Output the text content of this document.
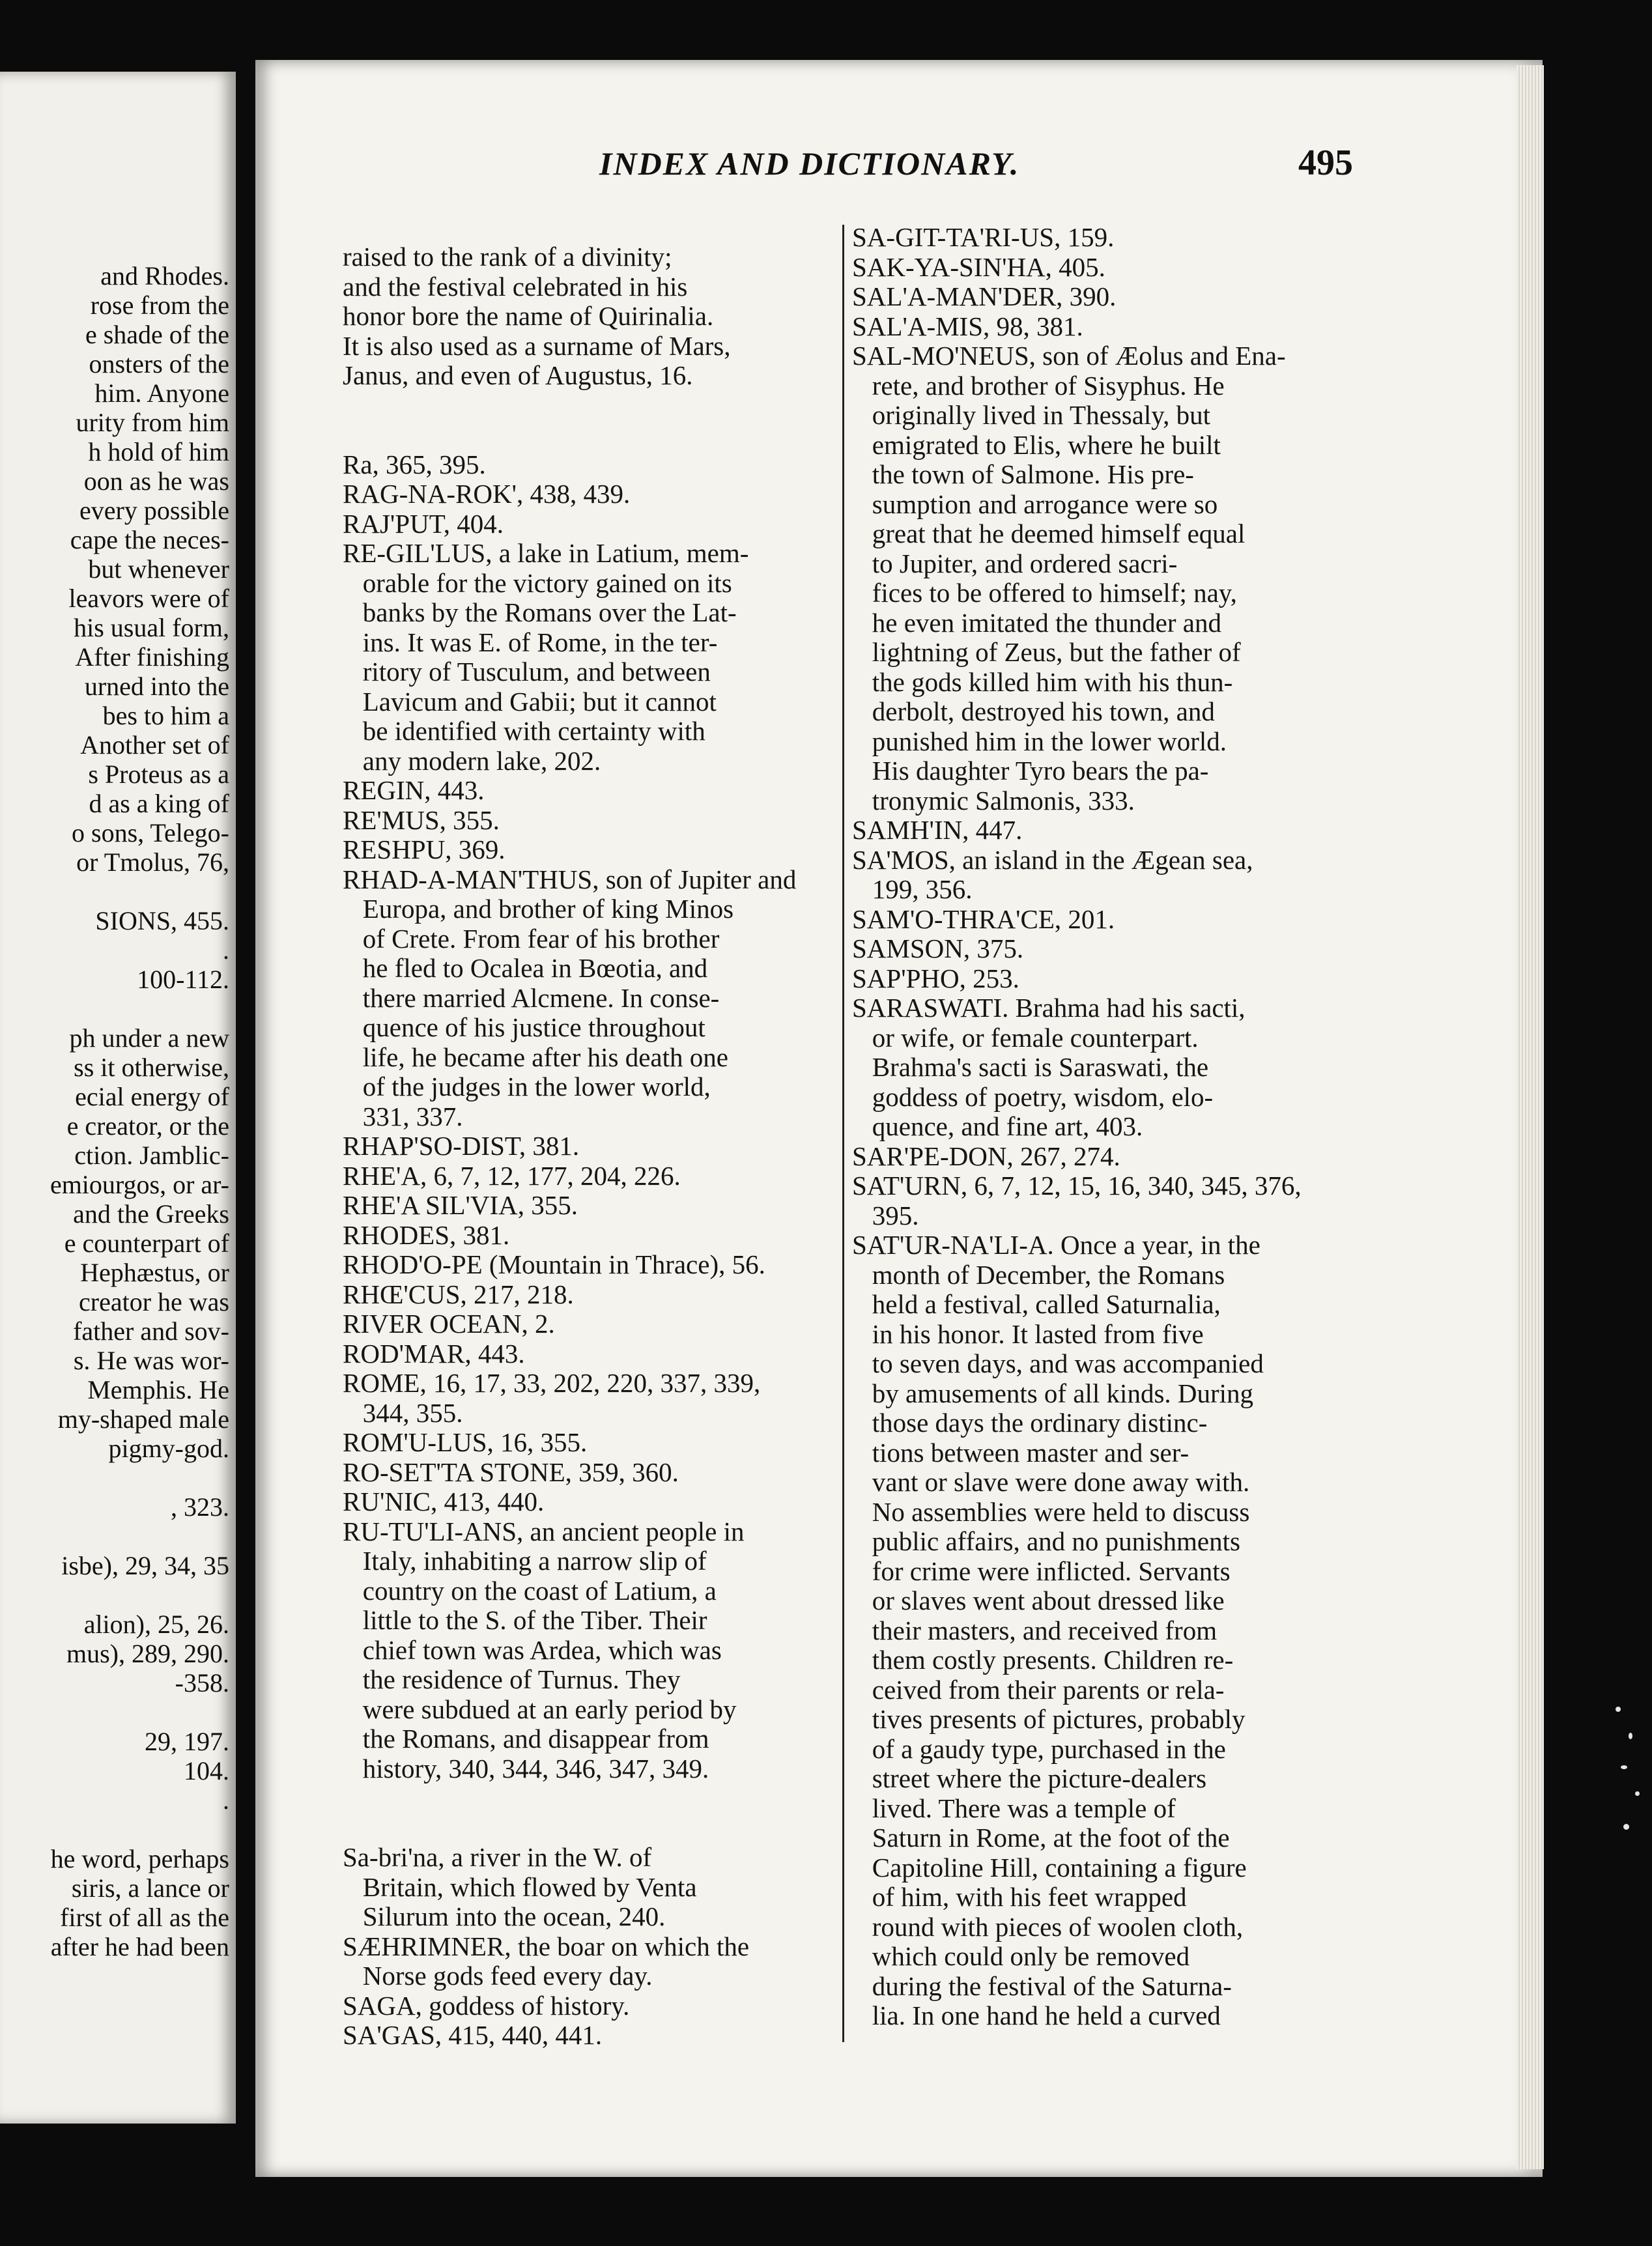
and Rhodes.
rose from the
e shade of the
onsters of the
him. Anyone
urity from him
h hold of him
oon as he was
every possible
cape the neces-
but whenever
leavors were of
his usual form,
After finishing
urned into the
bes to him a
Another set of
s Proteus as a
d as a king of
o sons, Telego-
or Tmolus, 76,
SIONS, 455.
.
100-112.
ph under a new
ss it otherwise,
ecial energy of
e creator, or the
ction. Jamblic-
emiourgos, or ar-
and the Greeks
e counterpart of
Hephæstus, or
creator he was
father and sov-
s. He was wor-
Memphis. He
my-shaped male
pigmy-god.
, 323.
isbe), 29, 34, 35
alion), 25, 26.
mus), 289, 290.
-358.
29, 197.
104.
.
he word, perhaps
siris, a lance or
first of all as the
after he had been
INDEX AND DICTIONARY.	495
raised to the rank of a divinity;
and the festival celebrated in his
honor bore the name of Quirinalia.
It is also used as a surname of Mars,
Janus, and even of Augustus, 16.
Ra, 365, 395.
RAG-NA-ROK', 438, 439.
RAJ'PUT, 404.
RE-GIL'LUS, a lake in Latium, mem-
orable for the victory gained on its
banks by the Romans over the Lat-
ins. It was E. of Rome, in the ter-
ritory of Tusculum, and between
Lavicum and Gabii; but it cannot
be identified with certainty with
any modern lake, 202.
REGIN, 443.
RE'MUS, 355.
RESHPU, 369.
RHAD-A-MAN'THUS, son of Jupiter and
Europa, and brother of king Minos
of Crete. From fear of his brother
he fled to Ocalea in Bœotia, and
there married Alcmene. In conse-
quence of his justice throughout
life, he became after his death one
of the judges in the lower world,
331, 337.
RHAP'SO-DIST, 381.
RHE'A, 6, 7, 12, 177, 204, 226.
RHE'A SIL'VIA, 355.
RHODES, 381.
RHOD'O-PE (Mountain in Thrace), 56.
RHŒ'CUS, 217, 218.
RIVER OCEAN, 2.
ROD'MAR, 443.
ROME, 16, 17, 33, 202, 220, 337, 339,
344, 355.
ROM'U-LUS, 16, 355.
RO-SET'TA STONE, 359, 360.
RU'NIC, 413, 440.
RU-TU'LI-ANS, an ancient people in
Italy, inhabiting a narrow slip of
country on the coast of Latium, a
little to the S. of the Tiber. Their
chief town was Ardea, which was
the residence of Turnus. They
were subdued at an early period by
the Romans, and disappear from
history, 340, 344, 346, 347, 349.
Sa-bri'na, a river in the W. of
Britain, which flowed by Venta
Silurum into the ocean, 240.
SÆHRIMNER, the boar on which the
Norse gods feed every day.
SAGA, goddess of history.
SA'GAS, 415, 440, 441.
SA-GIT-TA'RI-US, 159.
SAK-YA-SIN'HA, 405.
SAL'A-MAN'DER, 390.
SAL'A-MIS, 98, 381.
SAL-MO'NEUS, son of Æolus and Ena-
rete, and brother of Sisyphus. He
originally lived in Thessaly, but
emigrated to Elis, where he built
the town of Salmone. His pre-
sumption and arrogance were so
great that he deemed himself equal
to Jupiter, and ordered sacri-
fices to be offered to himself; nay,
he even imitated the thunder and
lightning of Zeus, but the father of
the gods killed him with his thun-
derbolt, destroyed his town, and
punished him in the lower world.
His daughter Tyro bears the pa-
tronymic Salmonis, 333.
SAMH'IN, 447.
SA'MOS, an island in the Ægean sea,
199, 356.
SAM'O-THRA'CE, 201.
SAMSON, 375.
SAP'PHO, 253.
SARASWATI. Brahma had his sacti,
or wife, or female counterpart.
Brahma's sacti is Saraswati, the
goddess of poetry, wisdom, elo-
quence, and fine art, 403.
SAR'PE-DON, 267, 274.
SAT'URN, 6, 7, 12, 15, 16, 340, 345, 376,
395.
SAT'UR-NA'LI-A. Once a year, in the
month of December, the Romans
held a festival, called Saturnalia,
in his honor. It lasted from five
to seven days, and was accompanied
by amusements of all kinds. During
those days the ordinary distinc-
tions between master and ser-
vant or slave were done away with.
No assemblies were held to discuss
public affairs, and no punishments
for crime were inflicted. Servants
or slaves went about dressed like
their masters, and received from
them costly presents. Children re-
ceived from their parents or rela-
tives presents of pictures, probably
of a gaudy type, purchased in the
street where the picture-dealers
lived. There was a temple of
Saturn in Rome, at the foot of the
Capitoline Hill, containing a figure
of him, with his feet wrapped
round with pieces of woolen cloth,
which could only be removed
during the festival of the Saturna-
lia. In one hand he held a curved
